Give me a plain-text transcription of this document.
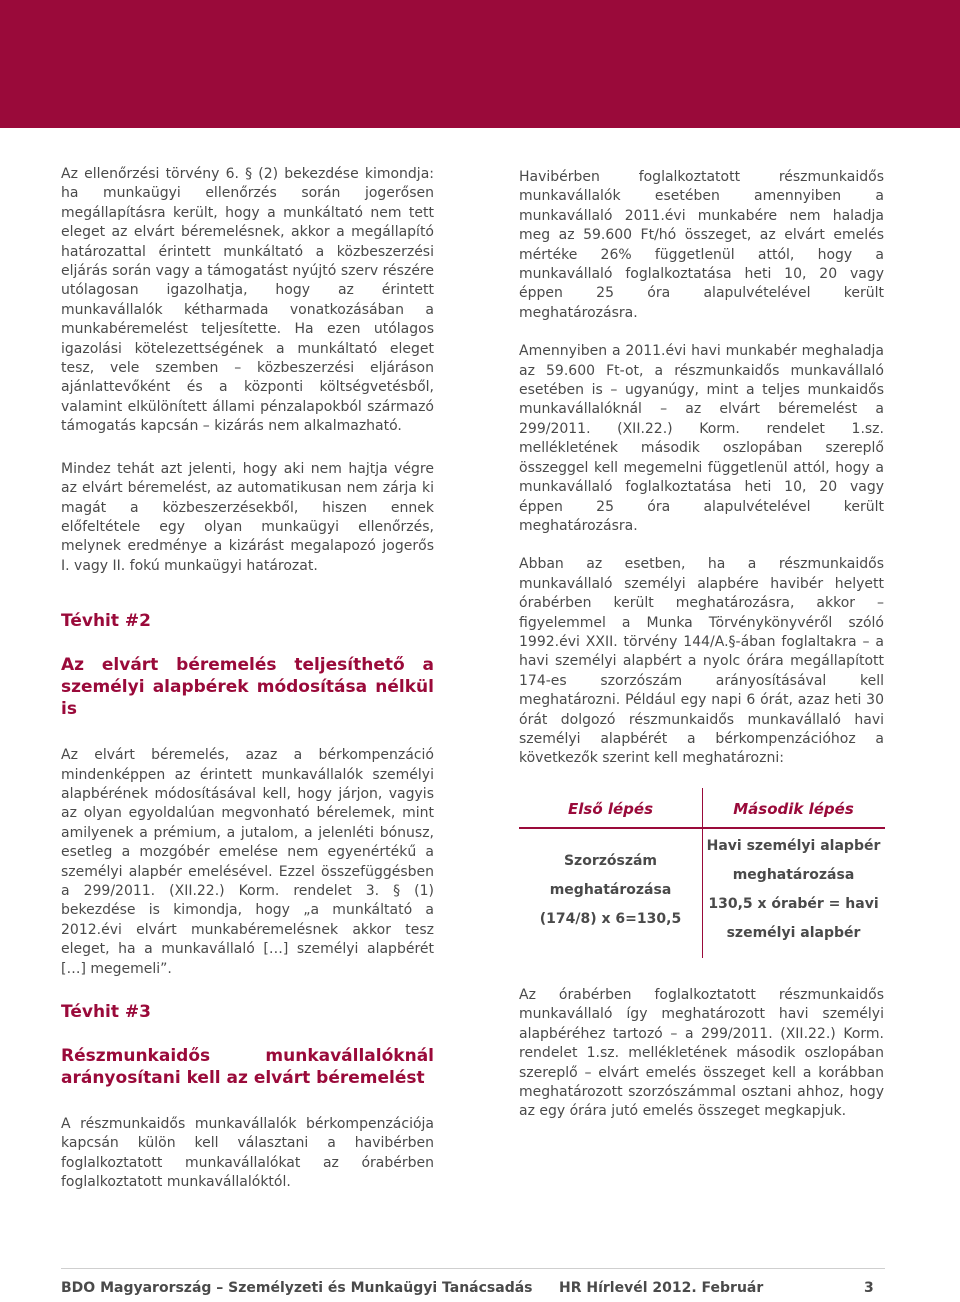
Az ellenőrzési törvény 6. § (2) bekezdése kimondja: ha munkaügyi ellenőrzés során jogerősen megállapításra került, hogy a munkáltató nem tett eleget az elvárt béremelésnek, akkor a megállapító határozattal érintett munkáltató a közbeszerzési eljárás során vagy a támogatást nyújtó szerv részére utólagosan igazolhatja, hogy az érintett munkavállalók kétharmada vonatkozásában a munkabéremelést teljesítette. Ha ezen utólagos igazolási kötelezettségének a munkáltató eleget tesz, vele szemben – közbeszerzési eljáráson ajánlattevőként és a központi költségvetésből, valamint elkülönített állami pénzalapokból származó támogatás kapcsán – kizárás nem alkalmazható.

Mindez tehát azt jelenti, hogy aki nem hajtja végre az elvárt béremelést, az automatikusan nem zárja ki magát a közbeszerzésekből, hiszen ennek előfeltétele egy olyan munkaügyi ellenőrzés, melynek eredménye a kizárást megalapozó jogerős I. vagy II. fokú munkaügyi határozat.

Tévhit #2

Az elvárt béremelés teljesíthető a személyi alapbérek módosítása nélkül is

Az elvárt béremelés, azaz a bérkompenzáció mindenképpen az érintett munkavállalók személyi alapbérének módosításával kell, hogy járjon, vagyis az olyan egyoldalúan megvonható bérelemek, mint amilyenek a prémium, a jutalom, a jelenléti bónusz, esetleg a mozgóbér emelése nem egyenértékű a személyi alapbér emelésével. Ezzel összefüggésben a 299/2011. (XII.22.) Korm. rendelet 3. § (1) bekezdése is kimondja, hogy „a munkáltató a 2012.évi elvárt munkabéremelésnek akkor tesz eleget, ha a munkavállaló […] személyi alapbérét […] megemeli”.

Tévhit #3

Részmunkaidős munkavállalóknál arányosítani kell az elvárt béremelést

A részmunkaidős munkavállalók bérkompenzációja kapcsán külön kell választani a havibérben foglalkoztatott munkavállalókat az órabérben foglalkoztatott munkavállalóktól.

Havibérben foglalkoztatott részmunkaidős munkavállalók esetében amennyiben a munkavállaló 2011.évi munkabére nem haladja meg az 59.600 Ft/hó összeget, az elvárt emelés mértéke 26% függetlenül attól, hogy a munkavállaló foglalkoztatása heti 10, 20 vagy éppen 25 óra alapulvételével került meghatározásra.

Amennyiben a 2011.évi havi munkabér meghaladja az 59.600 Ft-ot, a részmunkaidős munkavállaló esetében is – ugyanúgy, mint a teljes munkaidős munkavállalóknál – az elvárt béremelést a 299/2011. (XII.22.) Korm. rendelet 1.sz. mellékletének második oszlopában szereplő összeggel kell megemelni függetlenül attól, hogy a munkavállaló foglalkoztatása heti 10, 20 vagy éppen 25 óra alapulvételével került meghatározásra.

Abban az esetben, ha a részmunkaidős munkavállaló személyi alapbére havibér helyett órabérben került meghatározásra, akkor – figyelemmel a Munka Törvénykönyvéről szóló 1992.évi XXII. törvény 144/A.§-ában foglaltakra – a havi személyi alapbért a nyolc órára megállapított 174-es szorzószám arányosításával kell meghatározni. Például egy napi 6 órát, azaz heti 30 órát dolgozó részmunkaidős munkavállaló havi személyi alapbérét a bérkompenzációhoz a következők szerint kell meghatározni:

Első lépés	Második lépés
Szorzószám
meghatározása
(174/8) x 6=130,5
Havi személyi alapbér
meghatározása
130,5 x órabér = havi
személyi alapbér

Az órabérben foglalkoztatott részmunkaidős munkavállaló így meghatározott havi személyi alapbéréhez tartozó – a 299/2011. (XII.22.) Korm. rendelet 1.sz. mellékletének második oszlopában szereplő – elvárt emelés összeget kell a korábban meghatározott szorzószámmal osztani ahhoz, hogy az egy órára jutó emelés összeget megkapjuk.

BDO Magyarország – Személyzeti és Munkaügyi Tanácsadás HR Hírlevél 2012. Február	3
